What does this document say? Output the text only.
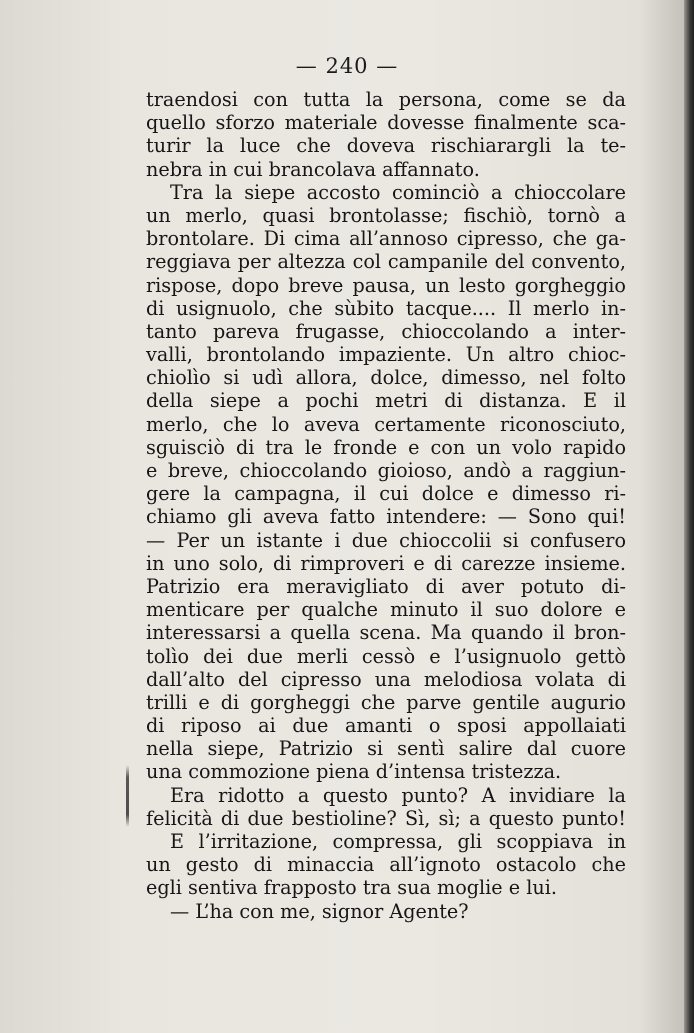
— 240 —
traendosi con tutta la persona, come se da
quello sforzo materiale dovesse finalmente sca-
turir la luce che doveva rischiarargli la te-
nebra in cui brancolava affannato.
Tra la siepe accosto cominciò a chioccolare
un merlo, quasi brontolasse; fischiò, tornò a
brontolare. Di cima all’annoso cipresso, che ga-
reggiava per altezza col campanile del convento,
rispose, dopo breve pausa, un lesto gorgheggio
di usignuolo, che sùbito tacque.... Il merlo in-
tanto pareva frugasse, chioccolando a inter-
valli, brontolando impaziente. Un altro chioc-
chiolìo si udì allora, dolce, dimesso, nel folto
della siepe a pochi metri di distanza. E il
merlo, che lo aveva certamente riconosciuto,
sguisciò di tra le fronde e con un volo rapido
e breve, chioccolando gioioso, andò a raggiun-
gere la campagna, il cui dolce e dimesso ri-
chiamo gli aveva fatto intendere: — Sono qui!
— Per un istante i due chioccolii si confusero
in uno solo, di rimproveri e di carezze insieme.
Patrizio era meravigliato di aver potuto di-
menticare per qualche minuto il suo dolore e
interessarsi a quella scena. Ma quando il bron-
tolìo dei due merli cessò e l’usignuolo gettò
dall’alto del cipresso una melodiosa volata di
trilli e di gorgheggi che parve gentile augurio
di riposo ai due amanti o sposi appollaiati
nella siepe, Patrizio si sentì salire dal cuore
una commozione piena d’intensa tristezza.
Era ridotto a questo punto? A invidiare la
felicità di due bestioline? Sì, sì; a questo punto!
E l’irritazione, compressa, gli scoppiava in
un gesto di minaccia all’ignoto ostacolo che
egli sentiva frapposto tra sua moglie e lui.
— L’ha con me, signor Agente?
